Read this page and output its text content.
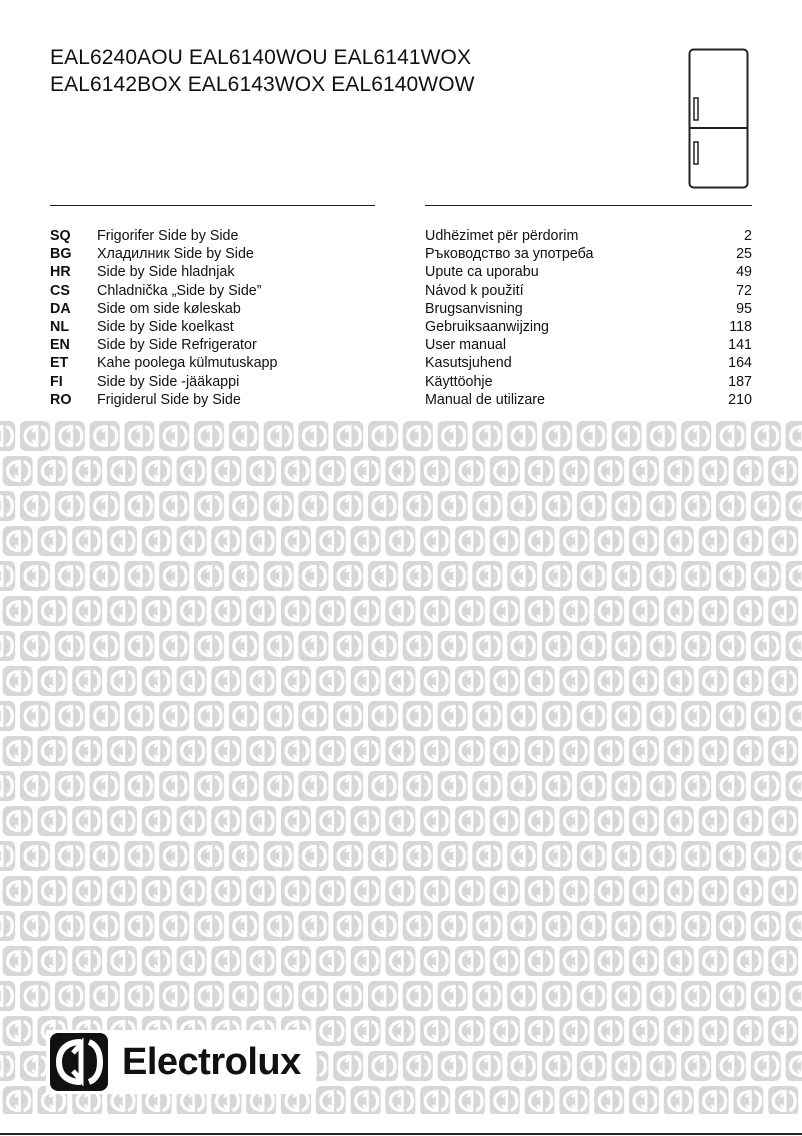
EAL6240AOU EAL6140WOU EAL6141WOX
EAL6142BOX EAL6143WOX EAL6140WOW
SQ Frigorifer Side by Side	Udhëzimet për përdorim	2
BG Хладилник Side by Side	Ръководство за употреба	25
HR Side by Side hladnjak	Upute ca uporabu	49
CS Chladnička „Side by Side”	Návod k použití	72
DA Side om side køleskab	Brugsanvisning	95
NL Side by Side koelkast	Gebruiksaanwijzing	118
EN Side by Side Refrigerator	User manual	141
ET Kahe poolega külmutuskapp	Kasutsjuhend	164
FI Side by Side -jääkappi	Käyttöohje	187
RO Frigiderul Side by Side	Manual de utilizare	210
Electrolux
